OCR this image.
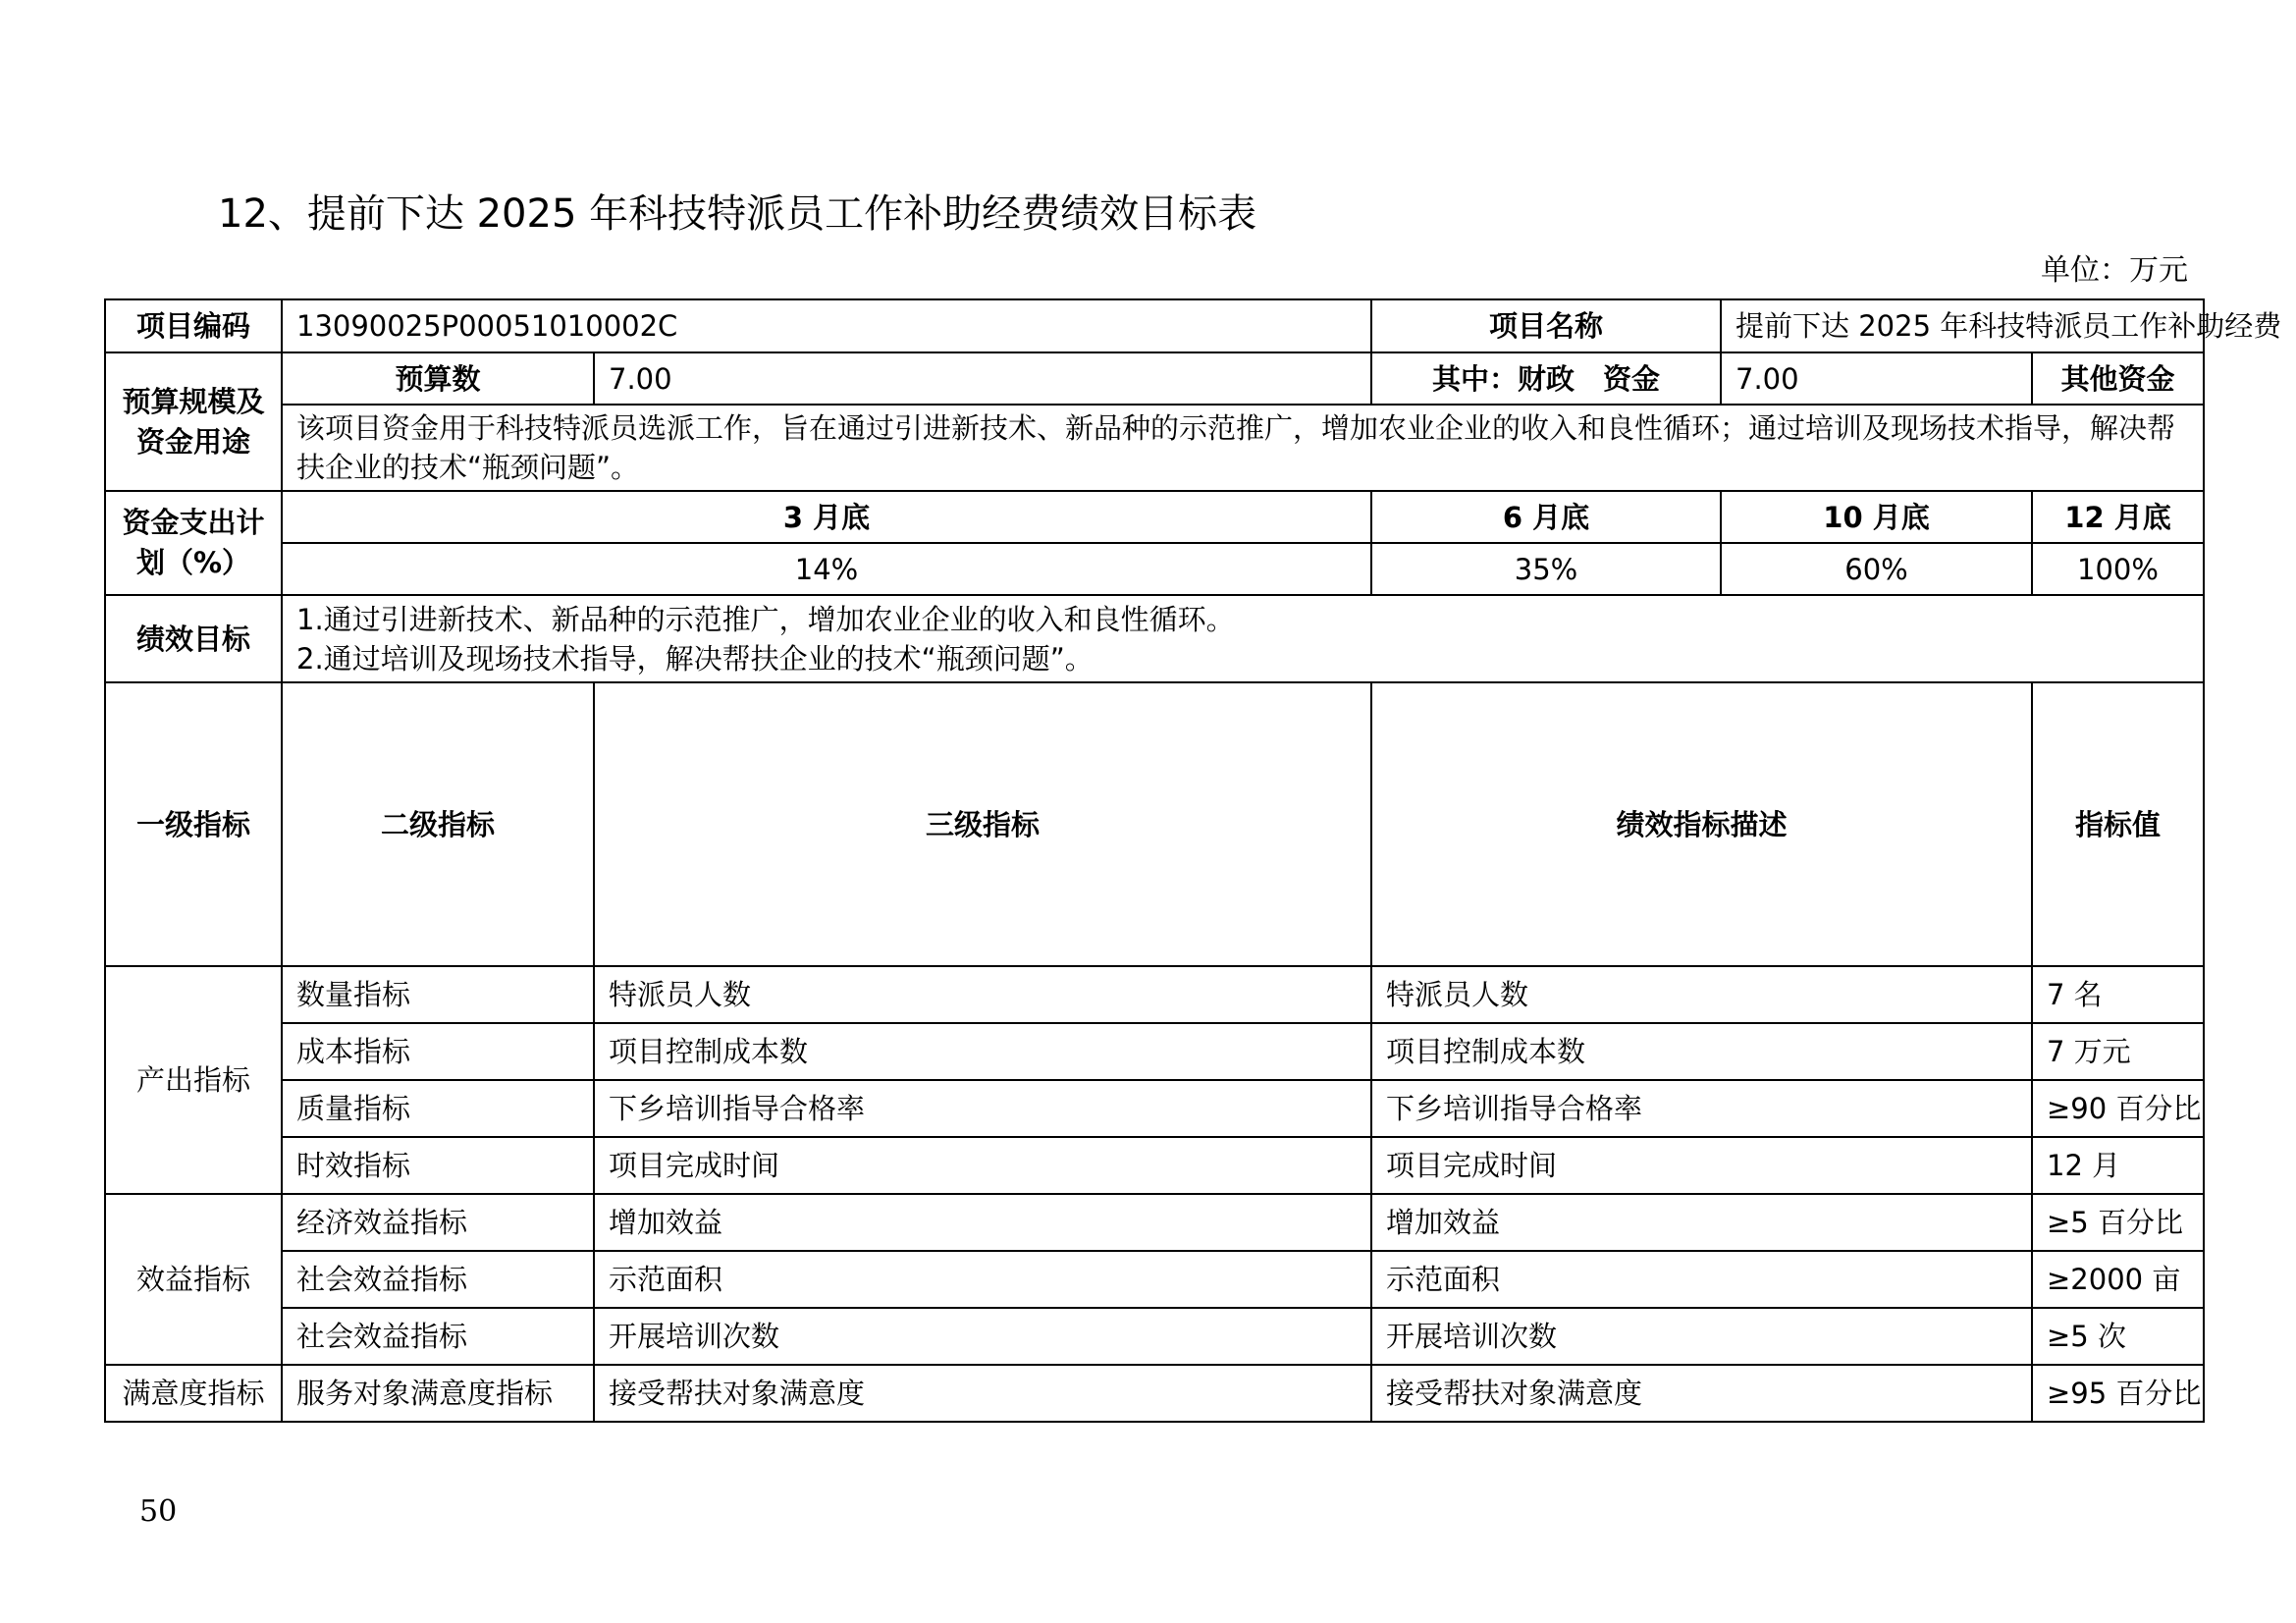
12、提前下达 2025 年科技特派员工作补助经费绩效目标表
单位：万元
项目编码	13090025P00051010002C		项目名称	提前下达 2025 年科技特派员工作补助经费		
预算规模及资金用途	预算数	7.00	其中：财政　资金	7.00	其他资金	
	该项目资金用于科技特派员选派工作，旨在通过引进新技术、新品种的示范推广，增加农业企业的收入和良性循环；通过培训及现场技术指导，解决帮扶企业的技术“瓶颈问题”。					
资金支出计划（%）	3 月底		6 月底	10 月底	12 月底	
	14%		35%	60%	100%	
绩效目标	1.通过引进新技术、新品种的示范推广，增加农业企业的收入和良性循环。
2.通过培训及现场技术指导，解决帮扶企业的技术“瓶颈问题”。					

一级指标	二级指标	三级指标	绩效指标描述		指标值	
产出指标	数量指标	特派员人数	特派员人数		7 名	
	成本指标	项目控制成本数	项目控制成本数		7 万元	
	质量指标	下乡培训指导合格率	下乡培训指导合格率		≥90 百分比	
	时效指标	项目完成时间	项目完成时间		12 月	
效益指标	经济效益指标	增加效益	增加效益		≥5 百分比	
	社会效益指标	示范面积	示范面积		≥2000 亩	
	社会效益指标	开展培训次数	开展培训次数		≥5 次	
满意度指标	服务对象满意度指标	接受帮扶对象满意度	接受帮扶对象满意度		≥95 百分比	
50
